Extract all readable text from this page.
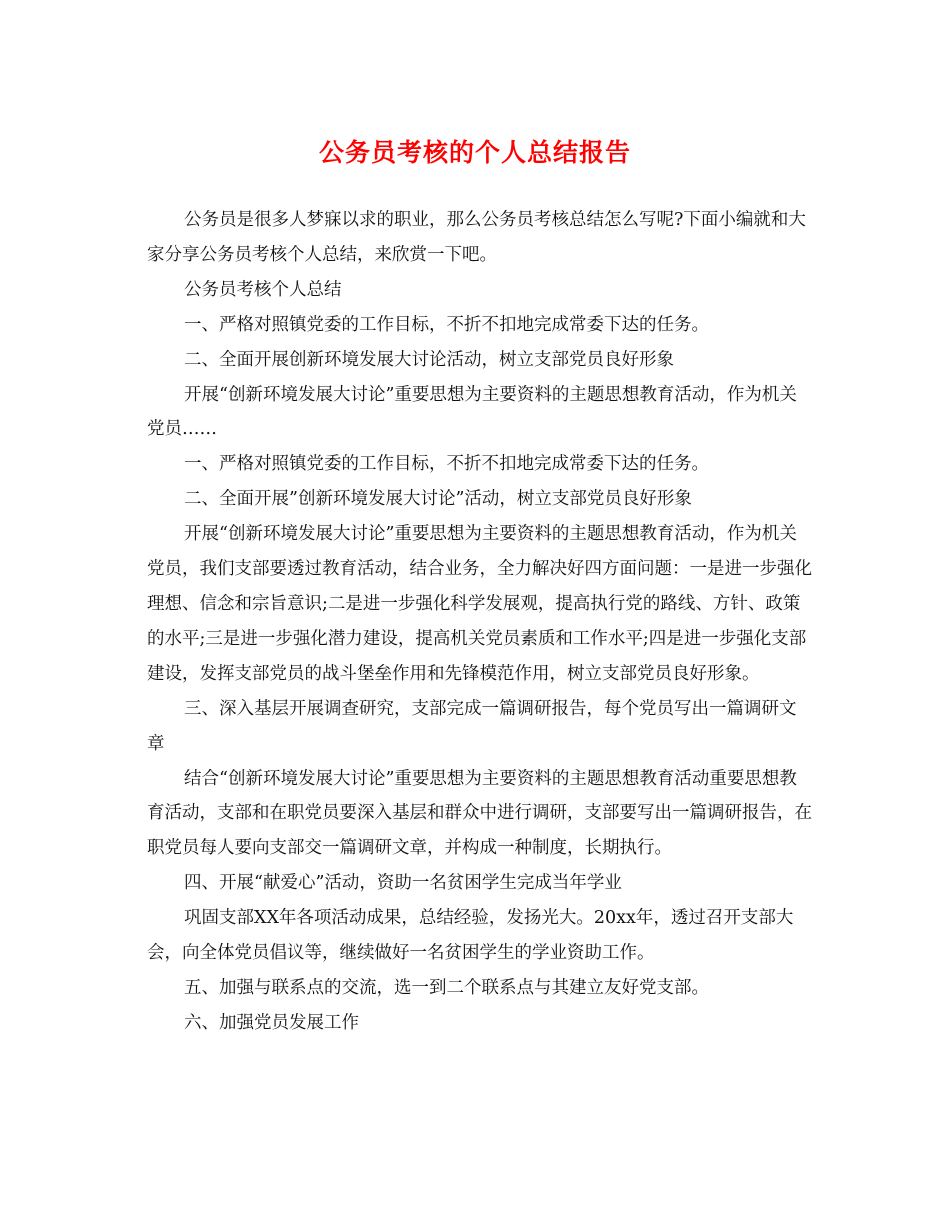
公务员考核的个人总结报告

公务员是很多人梦寐以求的职业，那么公务员考核总结怎么写呢?下面小编就和大家分享公务员考核个人总结，来欣赏一下吧。

公务员考核个人总结

一、严格对照镇党委的工作目标，不折不扣地完成常委下达的任务。

二、全面开展创新环境发展大讨论活动，树立支部党员良好形象

开展“创新环境发展大讨论”重要思想为主要资料的主题思想教育活动，作为机关党员……

一、严格对照镇党委的工作目标，不折不扣地完成常委下达的任务。

二、全面开展”创新环境发展大讨论”活动，树立支部党员良好形象

开展“创新环境发展大讨论”重要思想为主要资料的主题思想教育活动，作为机关党员，我们支部要透过教育活动，结合业务，全力解决好四方面问题：一是进一步强化理想、信念和宗旨意识;二是进一步强化科学发展观，提高执行党的路线、方针、政策的水平;三是进一步强化潜力建设，提高机关党员素质和工作水平;四是进一步强化支部建设，发挥支部党员的战斗堡垒作用和先锋模范作用，树立支部党员良好形象。

三、深入基层开展调查研究，支部完成一篇调研报告，每个党员写出一篇调研文章

结合“创新环境发展大讨论”重要思想为主要资料的主题思想教育活动重要思想教育活动，支部和在职党员要深入基层和群众中进行调研，支部要写出一篇调研报告，在职党员每人要向支部交一篇调研文章，并构成一种制度，长期执行。

四、开展“献爱心”活动，资助一名贫困学生完成当年学业

巩固支部XX年各项活动成果，总结经验，发扬光大。20xx年，透过召开支部大会，向全体党员倡议等，继续做好一名贫困学生的学业资助工作。

五、加强与联系点的交流，选一到二个联系点与其建立友好党支部。

六、加强党员发展工作
